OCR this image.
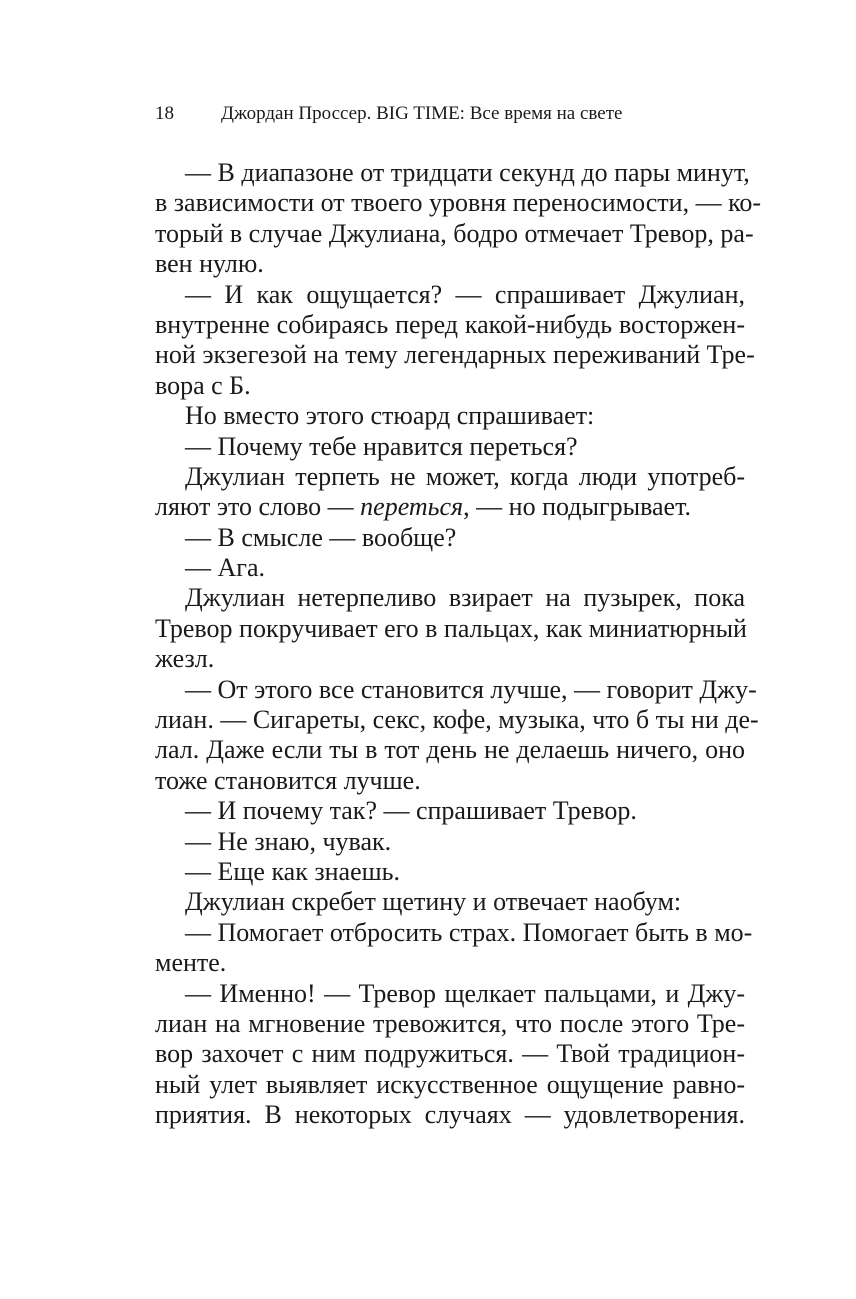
18 Джордан Проссер. BIG TIME: Все время на свете
— В диапазоне от тридцати секунд до пары минут,
в зависимости от твоего уровня переносимости, — ко-
торый в случае Джулиана, бодро отмечает Тревор, ра-
вен нулю.
— И как ощущается? — спрашивает Джулиан,
внутренне собираясь перед какой-нибудь восторжен-
ной экзегезой на тему легендарных переживаний Тре-
вора с Б.
Но вместо этого стюард спрашивает:
— Почему тебе нравится переться?
Джулиан терпеть не может, когда люди употреб-
ляют это слово — переться, — но подыгрывает.
— В смысле — вообще?
— Ага.
Джулиан нетерпеливо взирает на пузырек, пока
Тревор покручивает его в пальцах, как миниатюрный
жезл.
— От этого все становится лучше, — говорит Джу-
лиан. — Сигареты, секс, кофе, музыка, что б ты ни де-
лал. Даже если ты в тот день не делаешь ничего, оно
тоже становится лучше.
— И почему так? — спрашивает Тревор.
— Не знаю, чувак.
— Еще как знаешь.
Джулиан скребет щетину и отвечает наобум:
— Помогает отбросить страх. Помогает быть в мо-
менте.
— Именно! — Тревор щелкает пальцами, и Джу-
лиан на мгновение тревожится, что после этого Тре-
вор захочет с ним подружиться. — Твой традицион-
ный улет выявляет искусственное ощущение равно-
приятия. В некоторых случаях — удовлетворения.
